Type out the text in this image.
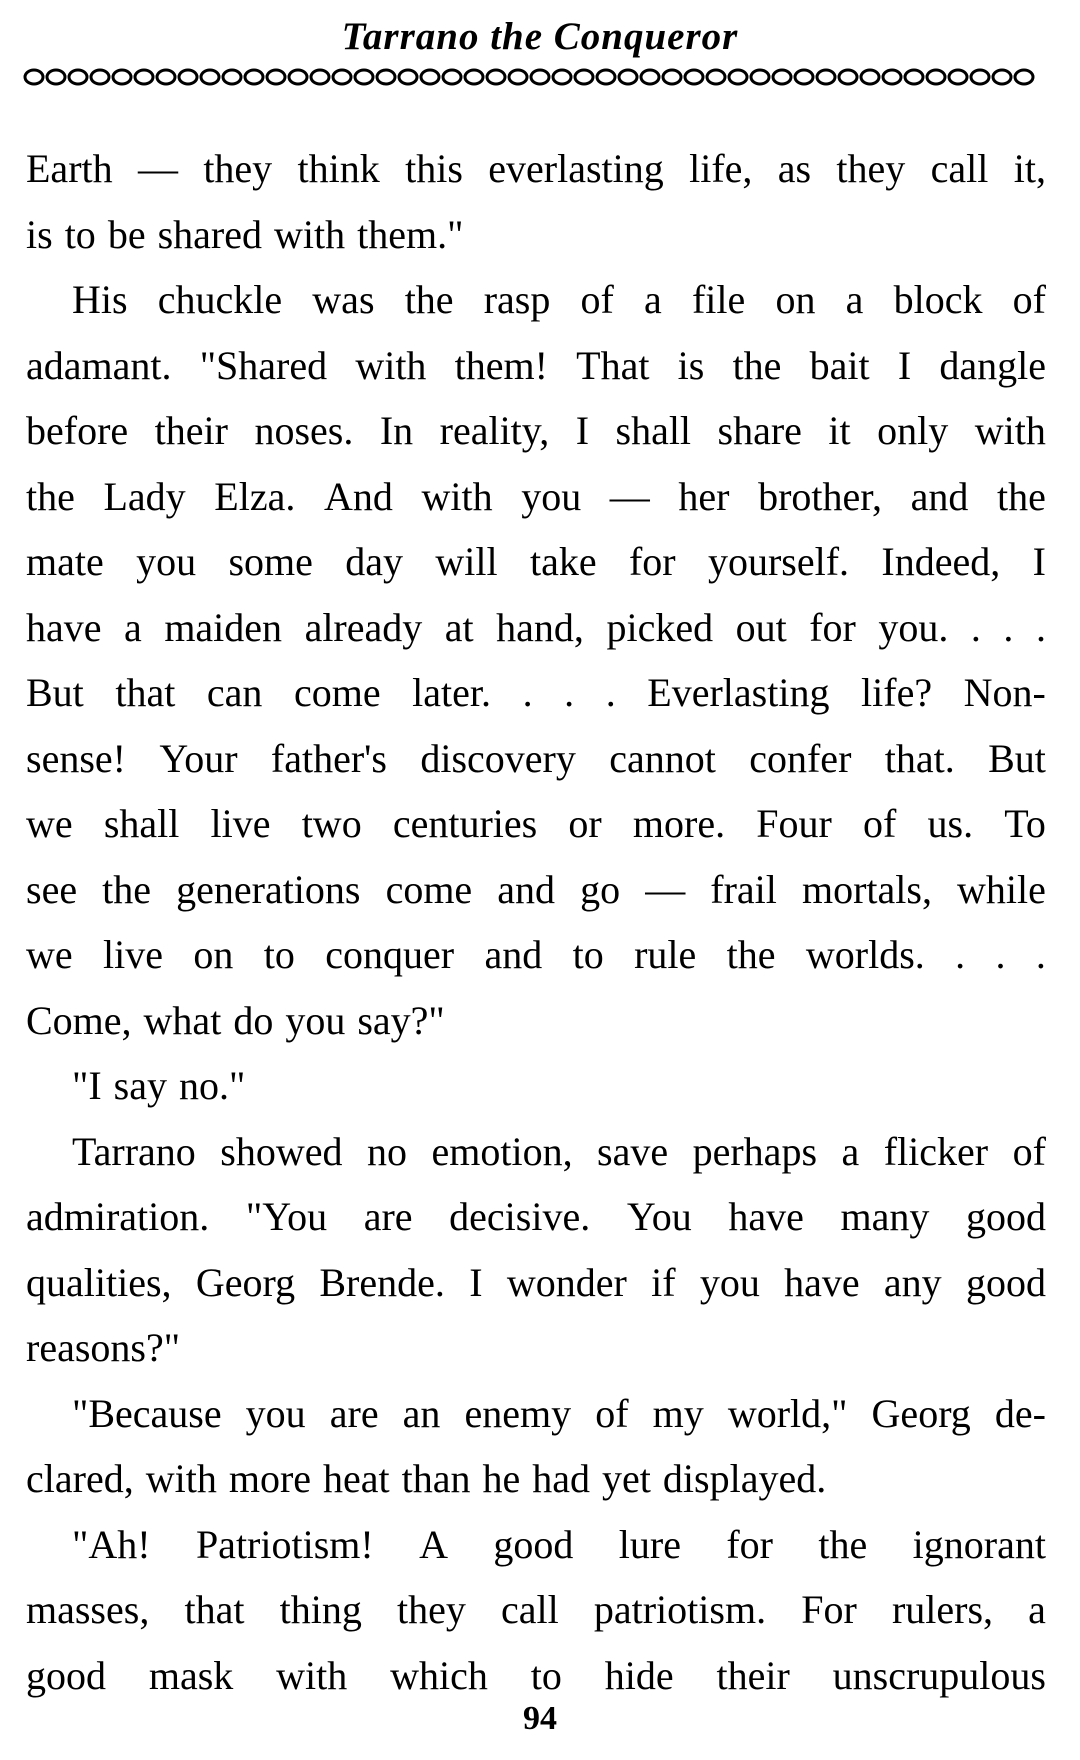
Tarrano the Conqueror
Earth — they think this everlasting life, as they call it,
is to be shared with them."
His chuckle was the rasp of a file on a block of
adamant. "Shared with them! That is the bait I dangle
before their noses. In reality, I shall share it only with
the Lady Elza. And with you — her brother, and the
mate you some day will take for yourself. Indeed, I
have a maiden already at hand, picked out for you. . . .
But that can come later. . . . Everlasting life? Non-
sense! Your father's discovery cannot confer that. But
we shall live two centuries or more. Four of us. To
see the generations come and go — frail mortals, while
we live on to conquer and to rule the worlds. . . .
Come, what do you say?"
"I say no."
Tarrano showed no emotion, save perhaps a flicker of
admiration. "You are decisive. You have many good
qualities, Georg Brende. I wonder if you have any good
reasons?"
"Because you are an enemy of my world," Georg de-
clared, with more heat than he had yet displayed.
"Ah! Patriotism! A good lure for the ignorant
masses, that thing they call patriotism. For rulers, a
good mask with which to hide their unscrupulous
94
